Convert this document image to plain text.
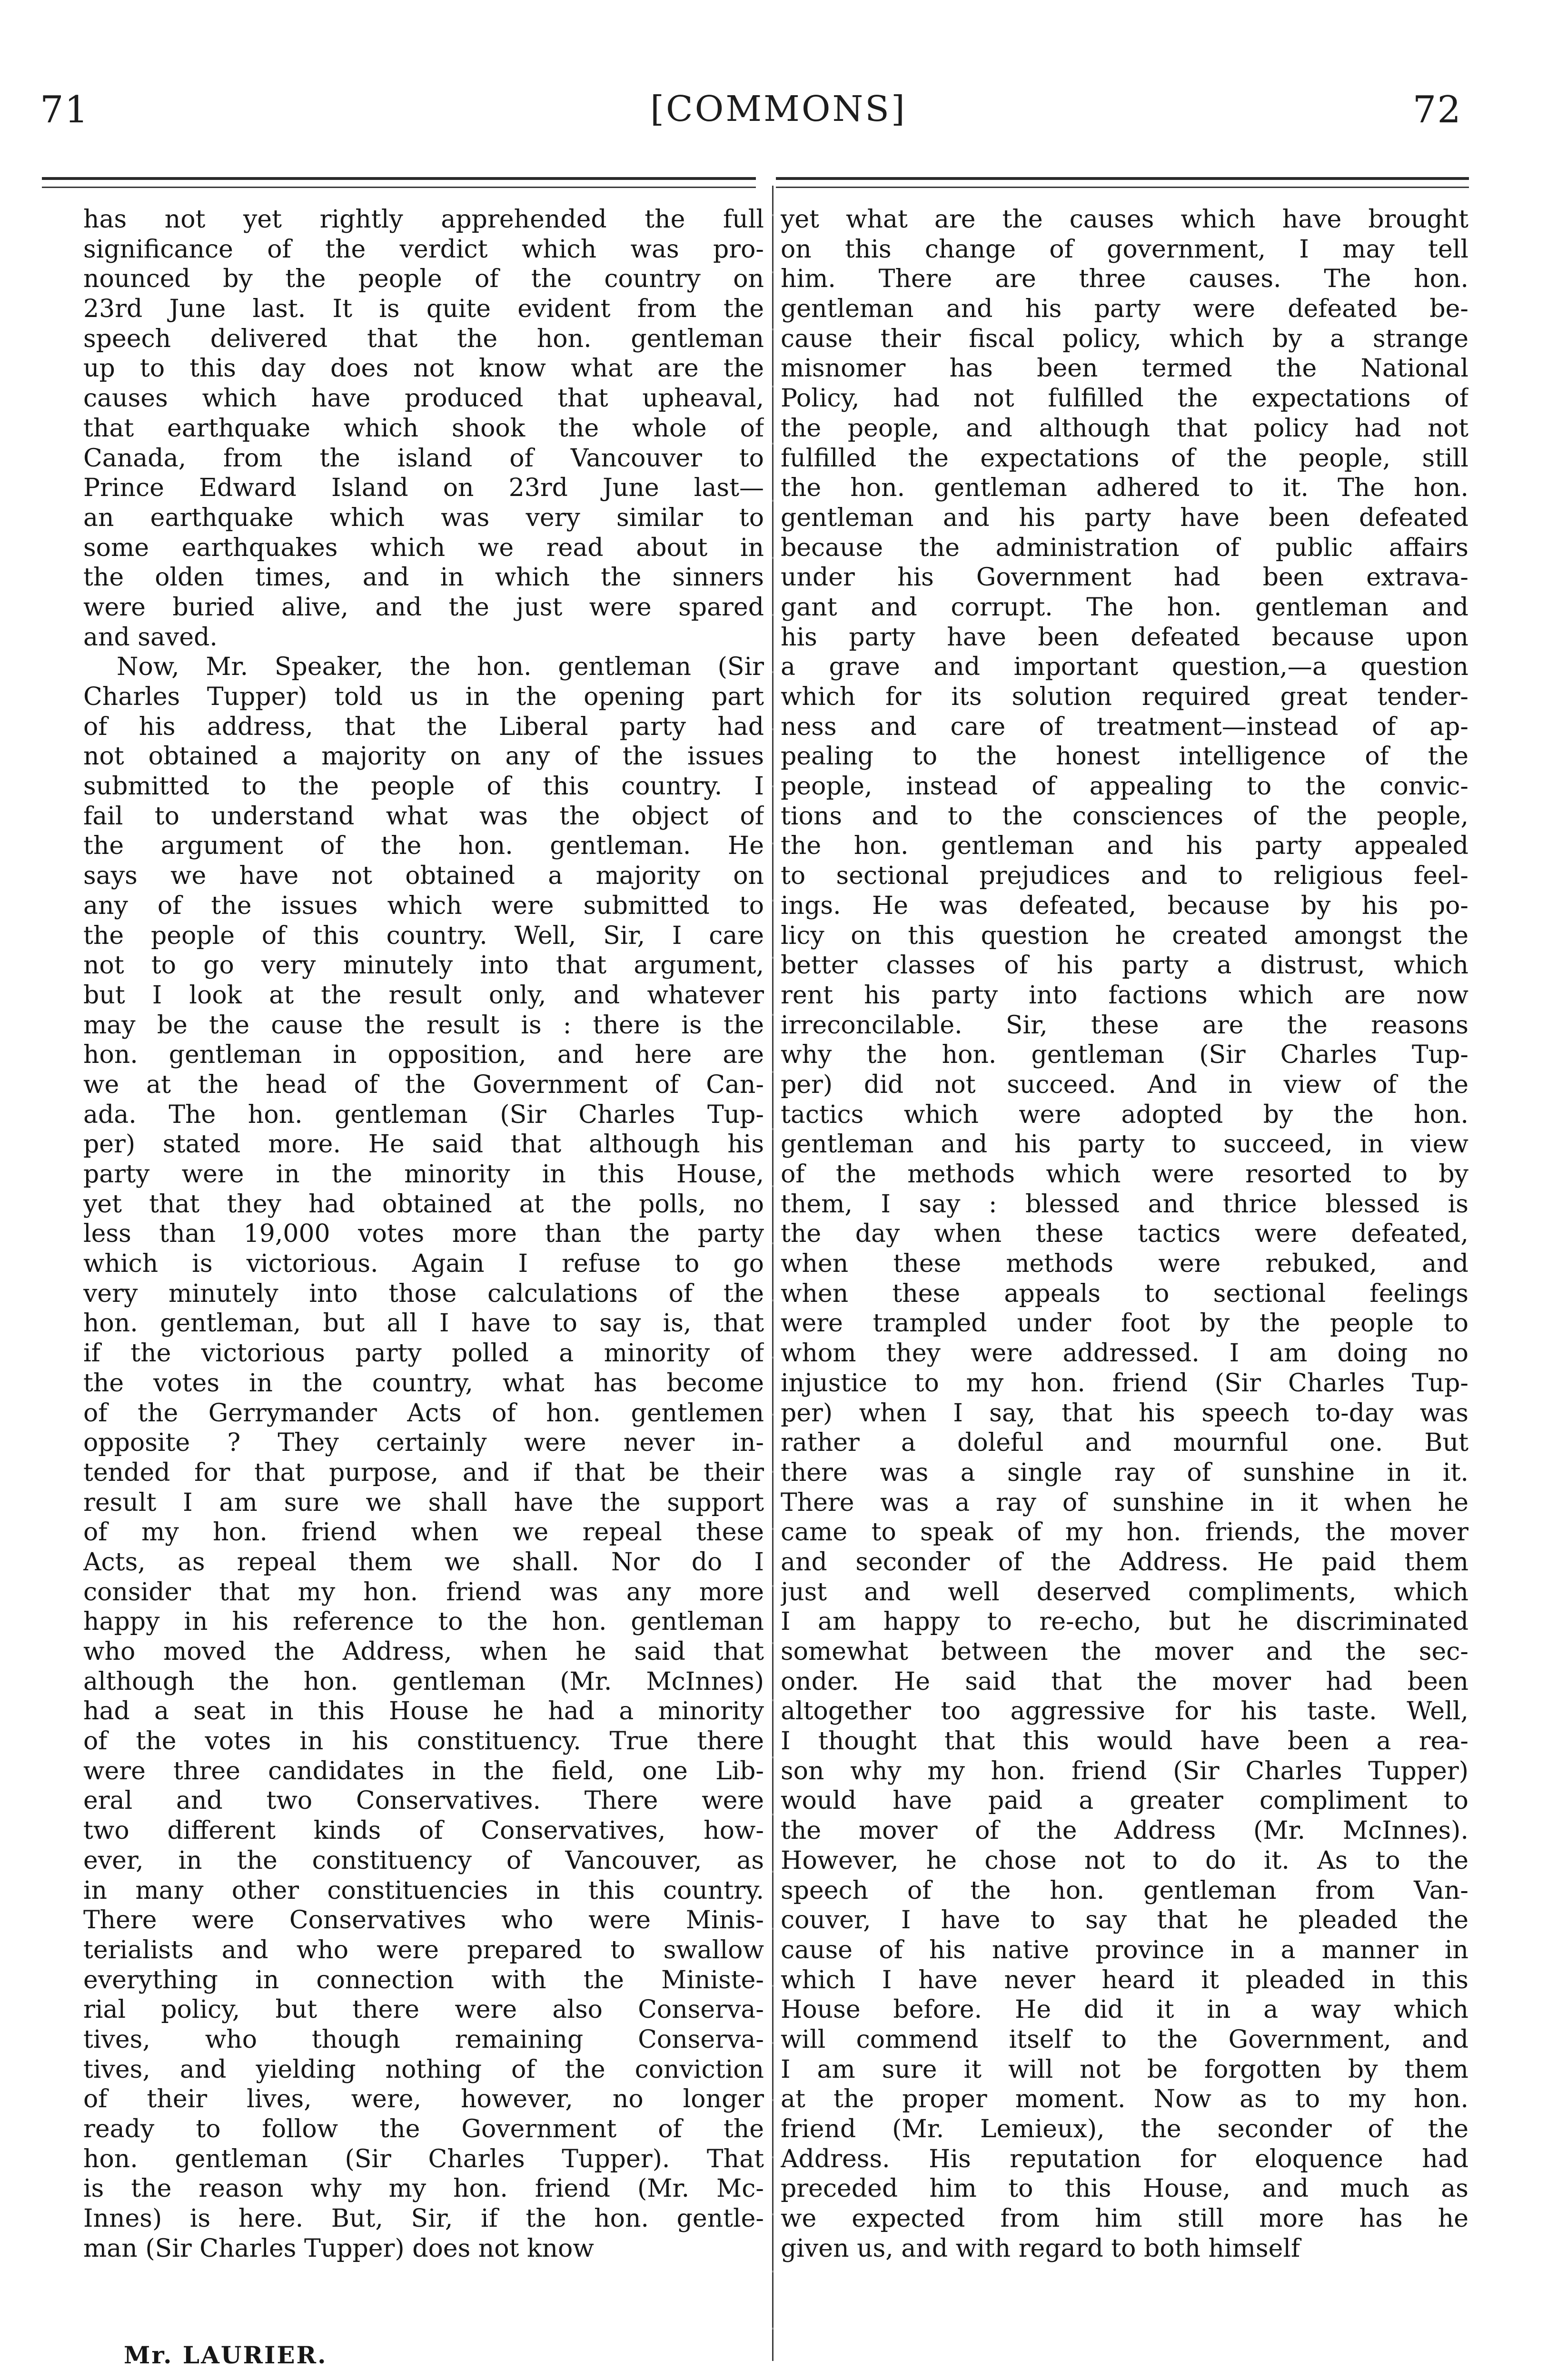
71	[COMMONS]	72

has not yet rightly apprehended the full

significance of the verdict which was pro-

nounced by the people of the country on

23rd June last. It is quite evident from the

speech delivered that the hon. gentleman

up to this day does not know what are the

causes which have produced that upheaval,

that earthquake which shook the whole of

Canada, from the island of Vancouver to

Prince Edward Island on 23rd June last—

an earthquake which was very similar to

some earthquakes which we read about in

the olden times, and in which the sinners

were buried alive, and the just were spared

and saved.

Now, Mr. Speaker, the hon. gentleman (Sir

Charles Tupper) told us in the opening part

of his address, that the Liberal party had

not obtained a majority on any of the issues

submitted to the people of this country. I

fail to understand what was the object of

the argument of the hon. gentleman. He

says we have not obtained a majority on

any of the issues which were submitted to

the people of this country. Well, Sir, I care

not to go very minutely into that argument,

but I look at the result only, and whatever

may be the cause the result is : there is the

hon. gentleman in opposition, and here are

we at the head of the Government of Can-

ada. The hon. gentleman (Sir Charles Tup-

per) stated more. He said that although his

party were in the minority in this House,

yet that they had obtained at the polls, no

less than 19,000 votes more than the party

which is victorious. Again I refuse to go

very minutely into those calculations of the

hon. gentleman, but all I have to say is, that

if the victorious party polled a minority of

the votes in the country, what has become

of the Gerrymander Acts of hon. gentlemen

opposite ? They certainly were never in-

tended for that purpose, and if that be their

result I am sure we shall have the support

of my hon. friend when we repeal these

Acts, as repeal them we shall. Nor do I

consider that my hon. friend was any more

happy in his reference to the hon. gentleman

who moved the Address, when he said that

although the hon. gentleman (Mr. McInnes)

had a seat in this House he had a minority

of the votes in his constituency. True there

were three candidates in the field, one Lib-

eral and two Conservatives. There were

two different kinds of Conservatives, how-

ever, in the constituency of Vancouver, as

in many other constituencies in this country.

There were Conservatives who were Minis-

terialists and who were prepared to swallow

everything in connection with the Ministe-

rial policy, but there were also Conserva-

tives, who though remaining Conserva-

tives, and yielding nothing of the conviction

of their lives, were, however, no longer

ready to follow the Government of the

hon. gentleman (Sir Charles Tupper). That

is the reason why my hon. friend (Mr. Mc-

Innes) is here. But, Sir, if the hon. gentle-

man (Sir Charles Tupper) does not know

yet what are the causes which have brought

on this change of government, I may tell

him. There are three causes. The hon.

gentleman and his party were defeated be-

cause their fiscal policy, which by a strange

misnomer has been termed the National

Policy, had not fulfilled the expectations of

the people, and although that policy had not

fulfilled the expectations of the people, still

the hon. gentleman adhered to it. The hon.

gentleman and his party have been defeated

because the administration of public affairs

under his Government had been extrava-

gant and corrupt. The hon. gentleman and

his party have been defeated because upon

a grave and important question,—a question

which for its solution required great tender-

ness and care of treatment—instead of ap-

pealing to the honest intelligence of the

people, instead of appealing to the convic-

tions and to the consciences of the people,

the hon. gentleman and his party appealed

to sectional prejudices and to religious feel-

ings. He was defeated, because by his po-

licy on this question he created amongst the

better classes of his party a distrust, which

rent his party into factions which are now

irreconcilable. Sir, these are the reasons

why the hon. gentleman (Sir Charles Tup-

per) did not succeed. And in view of the

tactics which were adopted by the hon.

gentleman and his party to succeed, in view

of the methods which were resorted to by

them, I say : blessed and thrice blessed is

the day when these tactics were defeated,

when these methods were rebuked, and

when these appeals to sectional feelings

were trampled under foot by the people to

whom they were addressed. I am doing no

injustice to my hon. friend (Sir Charles Tup-

per) when I say, that his speech to-day was

rather a doleful and mournful one. But

there was a single ray of sunshine in it.

There was a ray of sunshine in it when he

came to speak of my hon. friends, the mover

and seconder of the Address. He paid them

just and well deserved compliments, which

I am happy to re-echo, but he discriminated

somewhat between the mover and the sec-

onder. He said that the mover had been

altogether too aggressive for his taste. Well,

I thought that this would have been a rea-

son why my hon. friend (Sir Charles Tupper)

would have paid a greater compliment to

the mover of the Address (Mr. McInnes).

However, he chose not to do it. As to the

speech of the hon. gentleman from Van-

couver, I have to say that he pleaded the

cause of his native province in a manner in

which I have never heard it pleaded in this

House before. He did it in a way which

will commend itself to the Government, and

I am sure it will not be forgotten by them

at the proper moment. Now as to my hon.

friend (Mr. Lemieux), the seconder of the

Address. His reputation for eloquence had

preceded him to this House, and much as

we expected from him still more has he

given us, and with regard to both himself

Mr. LAURIER.
